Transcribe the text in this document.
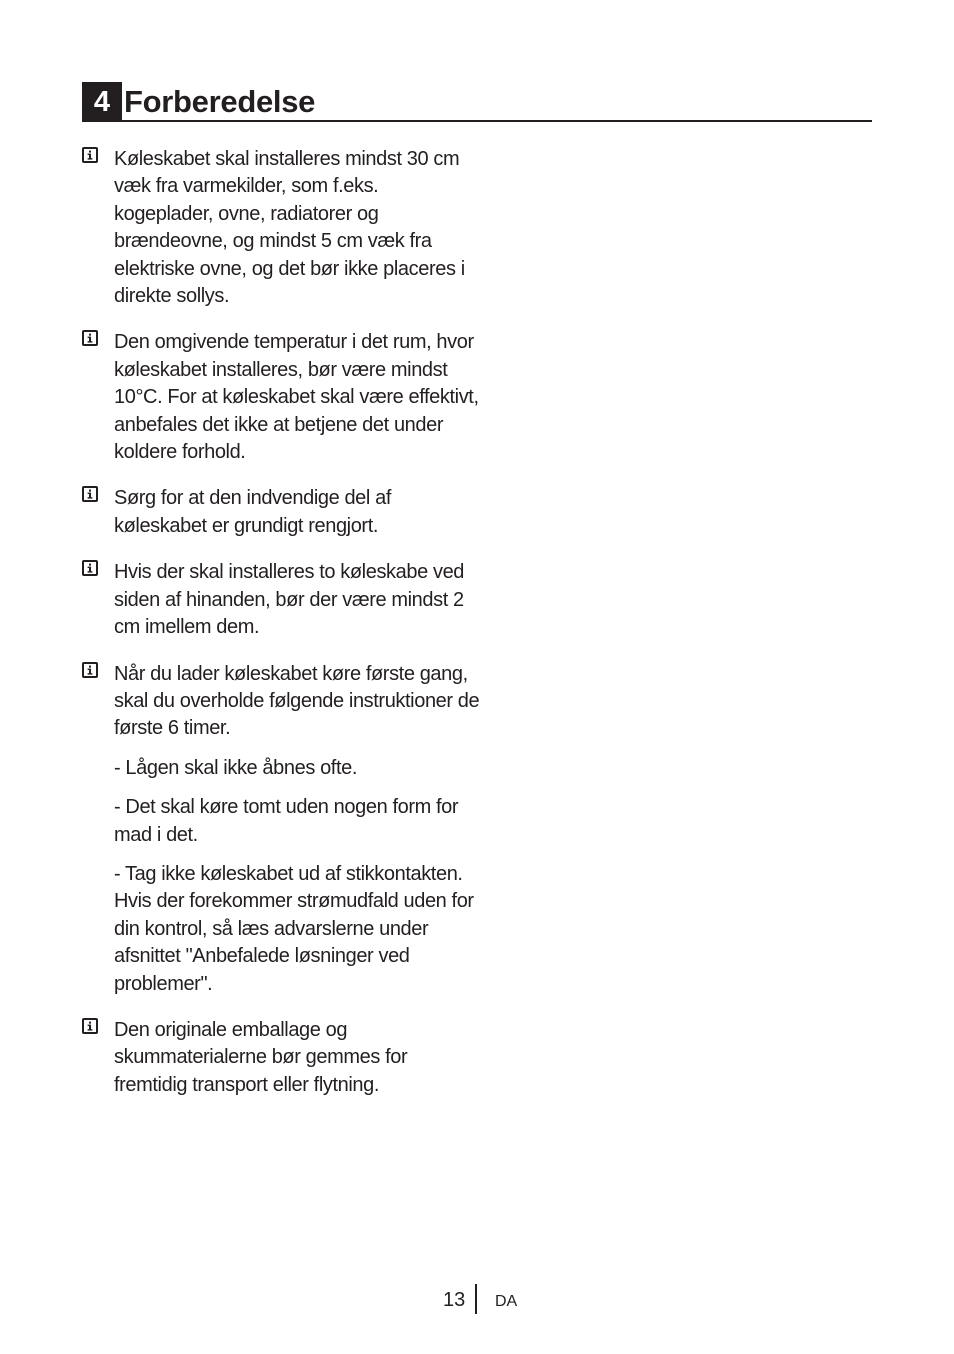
4 Forberedelse
Køleskabet skal installeres mindst 30 cm væk fra varmekilder, som f.eks. kogeplader, ovne, radiatorer og brændeovne, og mindst 5 cm væk fra elektriske ovne, og det bør ikke placeres i direkte sollys.
Den omgivende temperatur i det rum, hvor køleskabet installeres, bør være mindst 10°C. For at køleskabet skal være effektivt, anbefales det ikke at betjene det under koldere forhold.
Sørg for at den indvendige del af køleskabet er grundigt rengjort.
Hvis der skal installeres to køleskabe ved siden af hinanden, bør der være mindst 2 cm imellem dem.
Når du lader køleskabet køre første gang, skal du overholde følgende instruktioner de første 6 timer.
- Lågen skal ikke åbnes ofte.
- Det skal køre tomt uden nogen form for mad i det.
- Tag ikke køleskabet ud af stikkontakten. Hvis der forekommer strømudfald uden for din kontrol, så læs advarslerne under afsnittet "Anbefalede løsninger ved problemer".
Den originale emballage og skummaterialerne bør gemmes for fremtidig transport eller flytning.
13 DA
